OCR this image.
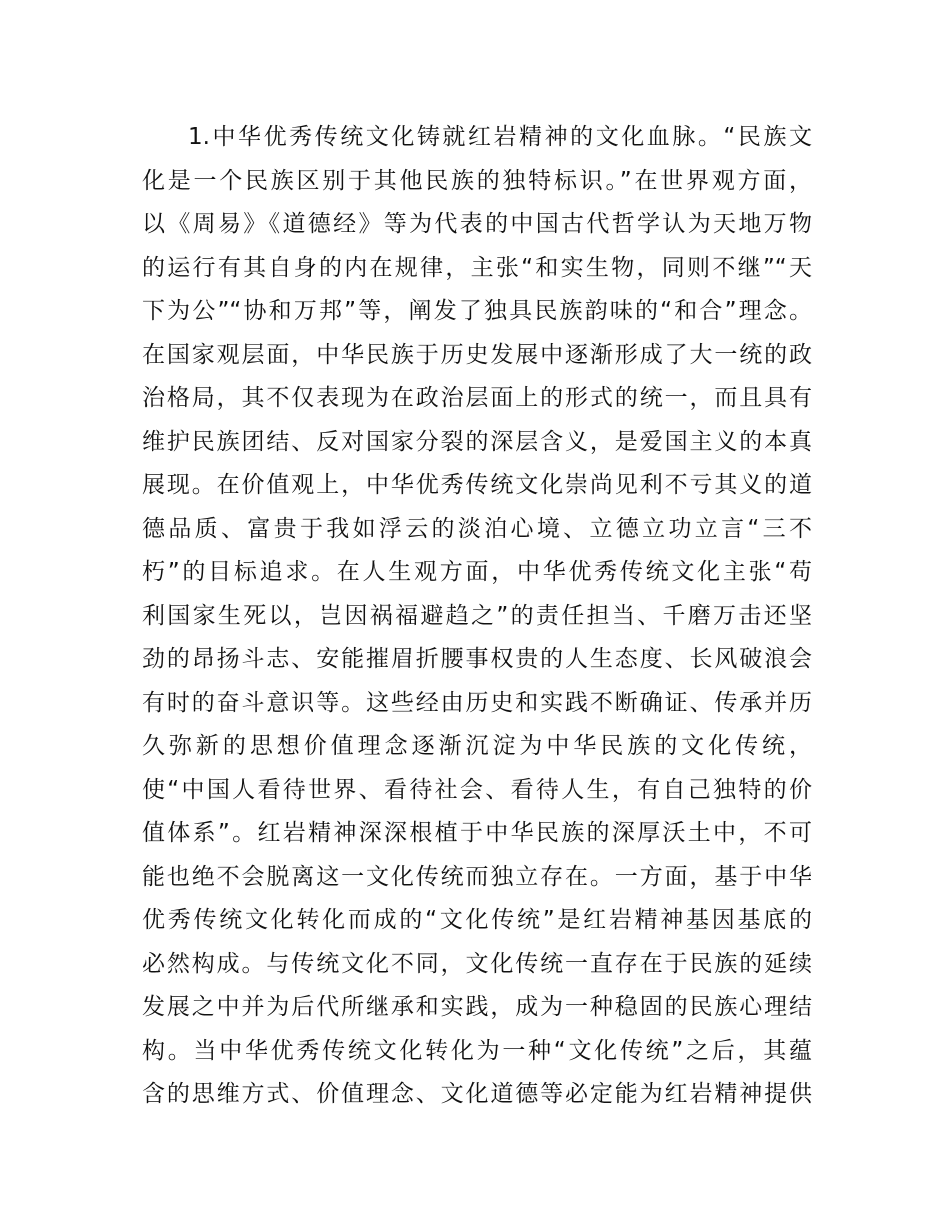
1.中华优秀传统文化铸就红岩精神的文化血脉。“民族文
化是一个民族区别于其他民族的独特标识。”在世界观方面，
以《周易》《道德经》等为代表的中国古代哲学认为天地万物
的运行有其自身的内在规律，主张“和实生物，同则不继”“天
下为公”“协和万邦”等，阐发了独具民族韵味的“和合”理念。
在国家观层面，中华民族于历史发展中逐渐形成了大一统的政
治格局，其不仅表现为在政治层面上的形式的统一，而且具有
维护民族团结、反对国家分裂的深层含义，是爱国主义的本真
展现。在价值观上，中华优秀传统文化崇尚见利不亏其义的道
德品质、富贵于我如浮云的淡泊心境、立德立功立言“三不
朽”的目标追求。在人生观方面，中华优秀传统文化主张“苟
利国家生死以，岂因祸福避趋之”的责任担当、千磨万击还坚
劲的昂扬斗志、安能摧眉折腰事权贵的人生态度、长风破浪会
有时的奋斗意识等。这些经由历史和实践不断确证、传承并历
久弥新的思想价值理念逐渐沉淀为中华民族的文化传统，
使“中国人看待世界、看待社会、看待人生，有自己独特的价
值体系”。红岩精神深深根植于中华民族的深厚沃土中，不可
能也绝不会脱离这一文化传统而独立存在。一方面，基于中华
优秀传统文化转化而成的“文化传统”是红岩精神基因基底的
必然构成。与传统文化不同，文化传统一直存在于民族的延续
发展之中并为后代所继承和实践，成为一种稳固的民族心理结
构。当中华优秀传统文化转化为一种“文化传统”之后，其蕴
含的思维方式、价值理念、文化道德等必定能为红岩精神提供
